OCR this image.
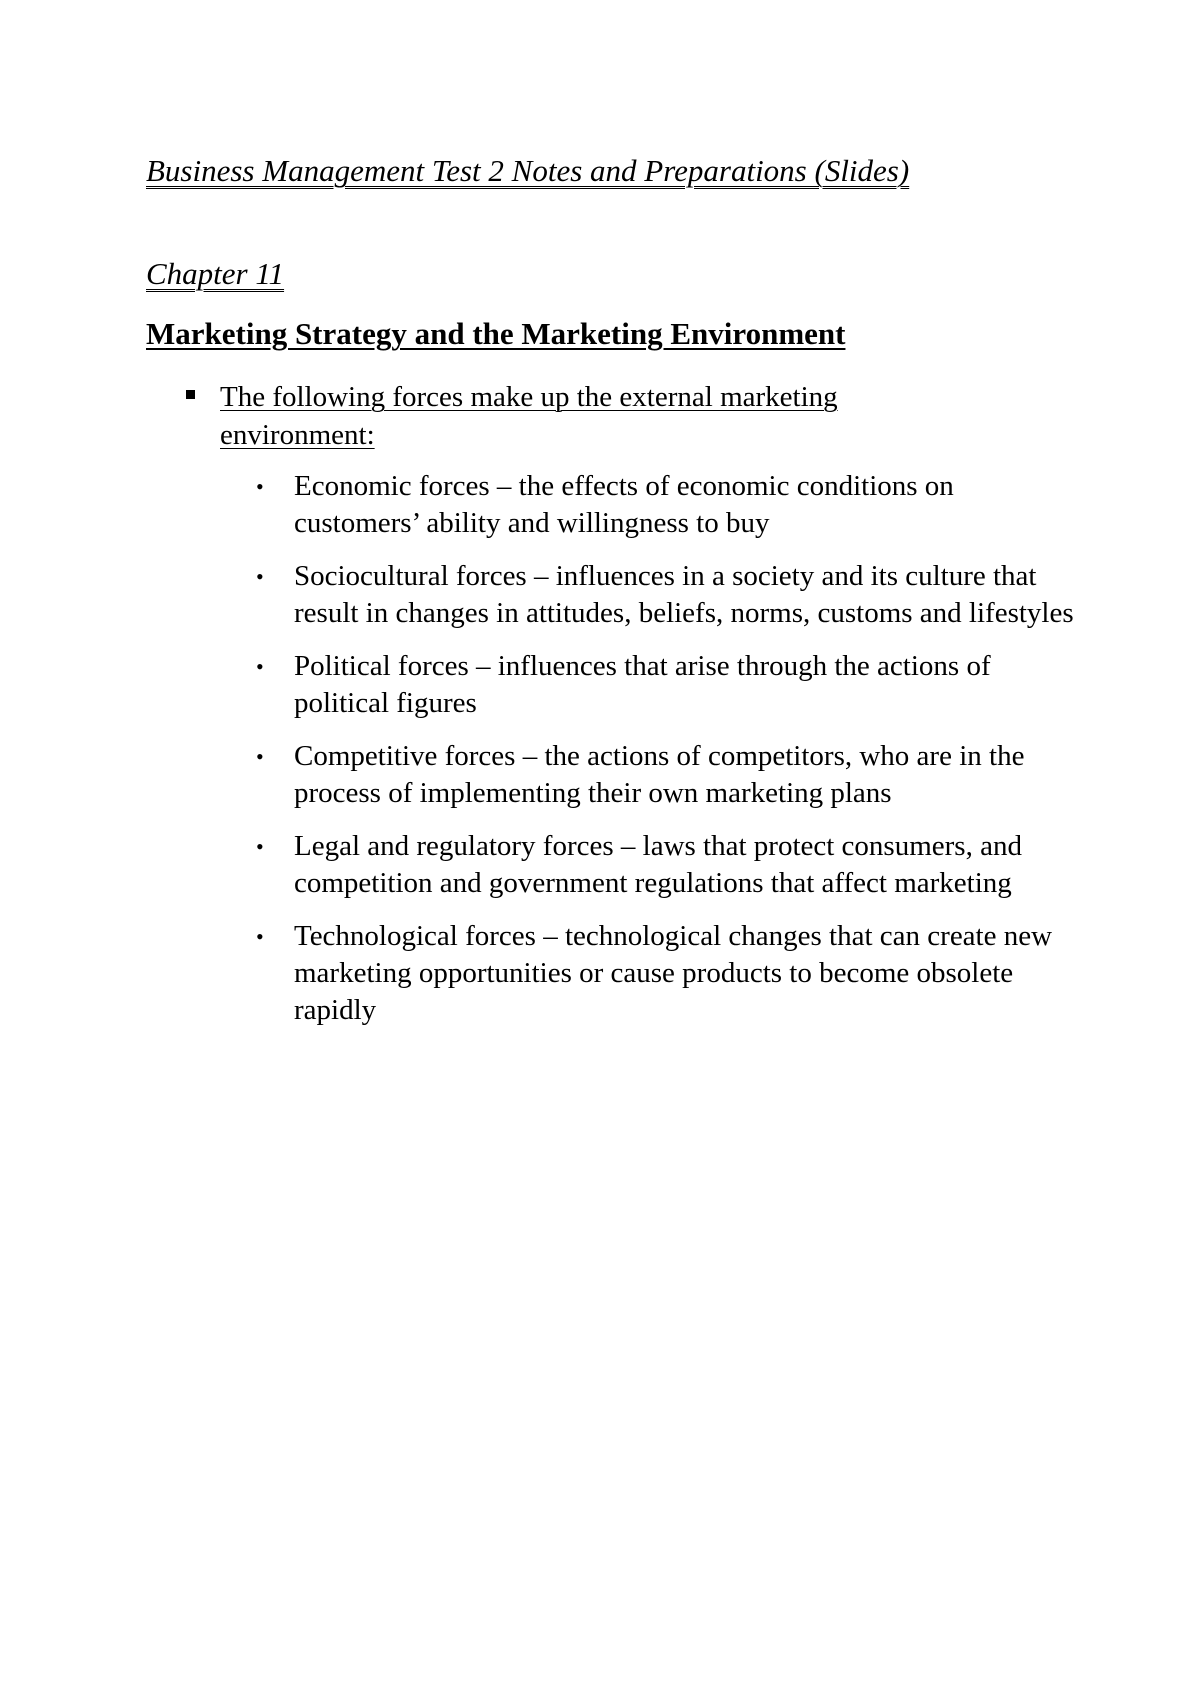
Business Management Test 2 Notes and Preparations (Slides)
Chapter 11
Marketing Strategy and the Marketing Environment
The following forces make up the external marketing environment:
• Economic forces – the effects of economic conditions on customers’ ability and willingness to buy
• Sociocultural forces – influences in a society and its culture that result in changes in attitudes, beliefs, norms, customs and lifestyles
• Political forces – influences that arise through the actions of political figures
• Competitive forces – the actions of competitors, who are in the process of implementing their own marketing plans
• Legal and regulatory forces – laws that protect consumers, and competition and government regulations that affect marketing
• Technological forces – technological changes that can create new marketing opportunities or cause products to become obsolete rapidly
